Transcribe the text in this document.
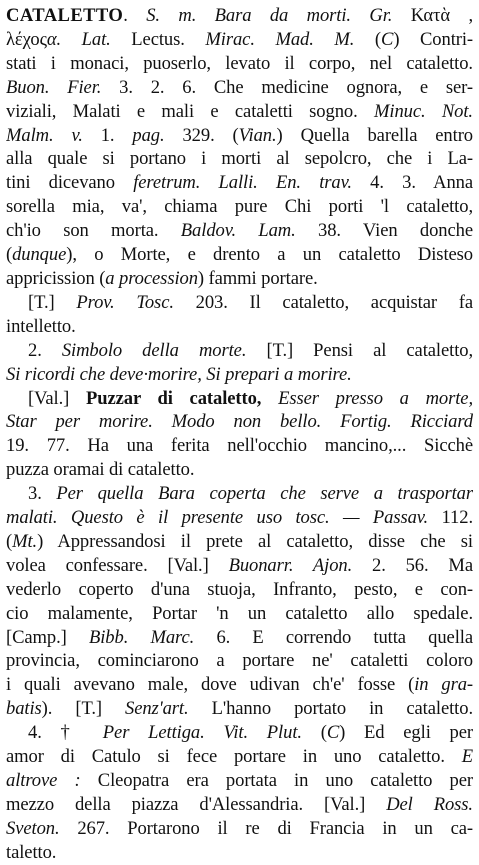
CATALETTO. S. m. Bara da morti. Gr. Κατὰ ,
λέχοςα. Lat. Lectus. Mirac. Mad. M. (C) Contri-
stati i monaci, puoserlo, levato il corpo, nel cataletto.
Buon. Fier. 3. 2. 6. Che medicine ognora, e ser-
viziali, Malati e mali e cataletti sogno. Minuc. Not.
Malm. v. 1. pag. 329. (Vian.) Quella barella entro
alla quale si portano i morti al sepolcro, che i La-
tini dicevano feretrum. Lalli. En. trav. 4. 3. Anna
sorella mia, va', chiama pure Chi porti 'l cataletto,
ch'io son morta. Baldov. Lam. 38. Vien donche
(dunque), o Morte, e drento a un cataletto Disteso
appricission (a procession) fammi portare.
[T.] Prov. Tosc. 203. Il cataletto, acquistar fa
intelletto.
2. Simbolo della morte. [T.] Pensi al cataletto,
Si ricordi che deve·morire, Si prepari a morire.
[Val.] Puzzar di cataletto, Esser presso a morte,
Star per morire. Modo non bello. Fortig. Ricciard
19. 77. Ha una ferita nell'occhio mancino,... Sicchè
puzza oramai di cataletto.
3. Per quella Bara coperta che serve a trasportar
malati. Questo è il presente uso tosc. — Passav. 112.
(Mt.) Appressandosi il prete al cataletto, disse che si
volea confessare. [Val.] Buonarr. Ajon. 2. 56. Ma
vederlo coperto d'una stuoja, Infranto, pesto, e con-
cio malamente, Portar 'n un cataletto allo spedale.
[Camp.] Bibb. Marc. 6. E correndo tutta quella
provincia, cominciarono a portare ne' cataletti coloro
i quali avevano male, dove udivan ch'e' fosse (in gra-
batis). [T.] Senz'art. L'hanno portato in cataletto.
4. † Per Lettiga. Vit. Plut. (C) Ed egli per
amor di Catulo si fece portare in uno cataletto. E
altrove : Cleopatra era portata in uno cataletto per
mezzo della piazza d'Alessandria. [Val.] Del Ross.
Sveton. 267. Portarono il re di Francia in un ca-
taletto.
